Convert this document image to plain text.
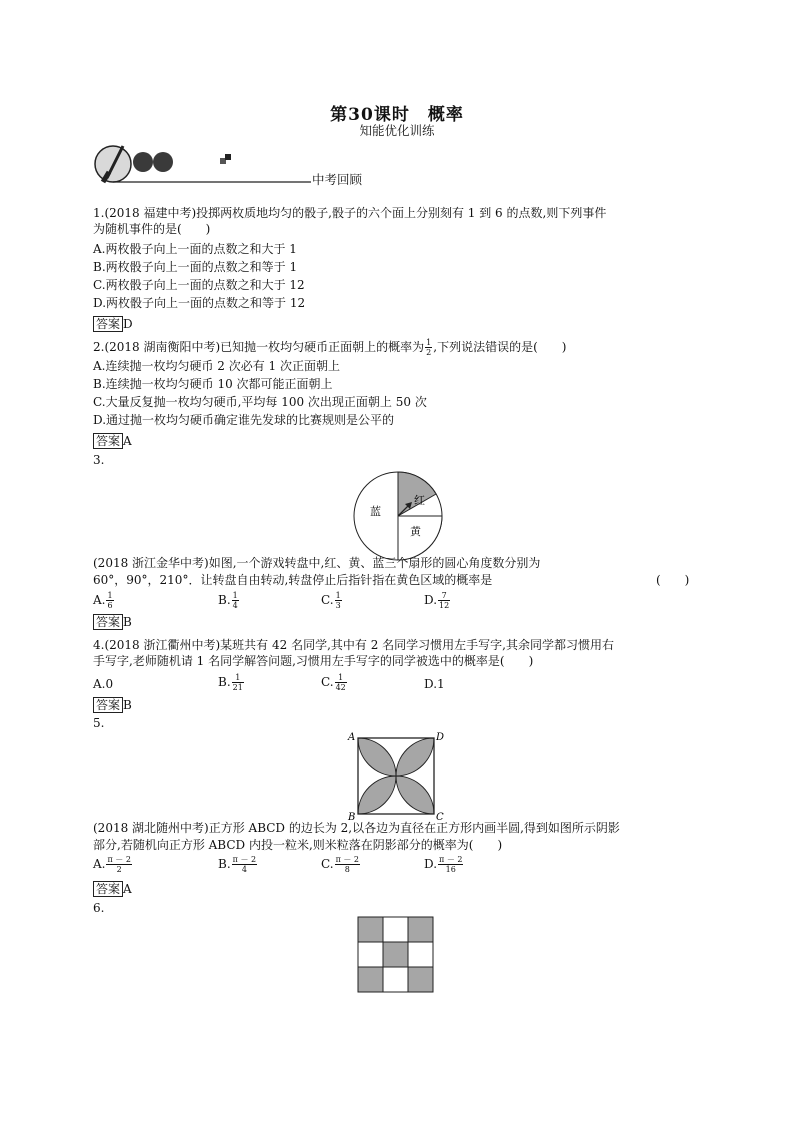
第30课时　概率
知能优化训练
中考回顾
1.(2018 福建中考)投掷两枚质地均匀的骰子,骰子的六个面上分别刻有 1 到 6 的点数,则下列事件
为随机事件的是(　　)
A.两枚骰子向上一面的点数之和大于 1
B.两枚骰子向上一面的点数之和等于 1
C.两枚骰子向上一面的点数之和大于 12
D.两枚骰子向上一面的点数之和等于 12
答案 D
2.(2018 湖南衡阳中考)已知抛一枚均匀硬币正面朝上的概率为 $\frac{1}{2}$ ,下列说法错误的是(　　)
A.连续抛一枚均匀硬币 2 次必有 1 次正面朝上
B.连续抛一枚均匀硬币 10 次都可能正面朝上
C.大量反复抛一枚均匀硬币,平均每 100 次出现正面朝上 50 次
D.通过抛一枚均匀硬币确定谁先发球的比赛规则是公平的
答案 A
3.
红
黄
蓝
(2018 浙江金华中考)如图,一个游戏转盘中,红、黄、蓝三个扇形的圆心角度数分别为
60°，90°，210°．让转盘自由转动,转盘停止后指针指在黄色区域的概率是	(　　)
A. $\frac{1}{6}$	B. $\frac{1}{4}$	C. $\frac{1}{3}$	D. $\frac{7}{12}$
答案 B
4.(2018 浙江衢州中考)某班共有 42 名同学,其中有 2 名同学习惯用左手写字,其余同学都习惯用右
手写字,老师随机请 1 名同学解答问题,习惯用左手写字的同学被选中的概率是(　　)
A.0	B. $\frac{1}{21}$	C. $\frac{1}{42}$	D.1
答案 B
5.
A	D
B	C
(2018 湖北随州中考)正方形 ABCD 的边长为 2,以各边为直径在正方形内画半圆,得到如图所示阴影
部分,若随机向正方形 ABCD 内投一粒米,则米粒落在阴影部分的概率为(　　)
A. $\frac{\pi - 2}{2}$	B. $\frac{\pi - 2}{4}$	C. $\frac{\pi - 2}{8}$	D. $\frac{\pi - 2}{16}$
答案 A
6.
